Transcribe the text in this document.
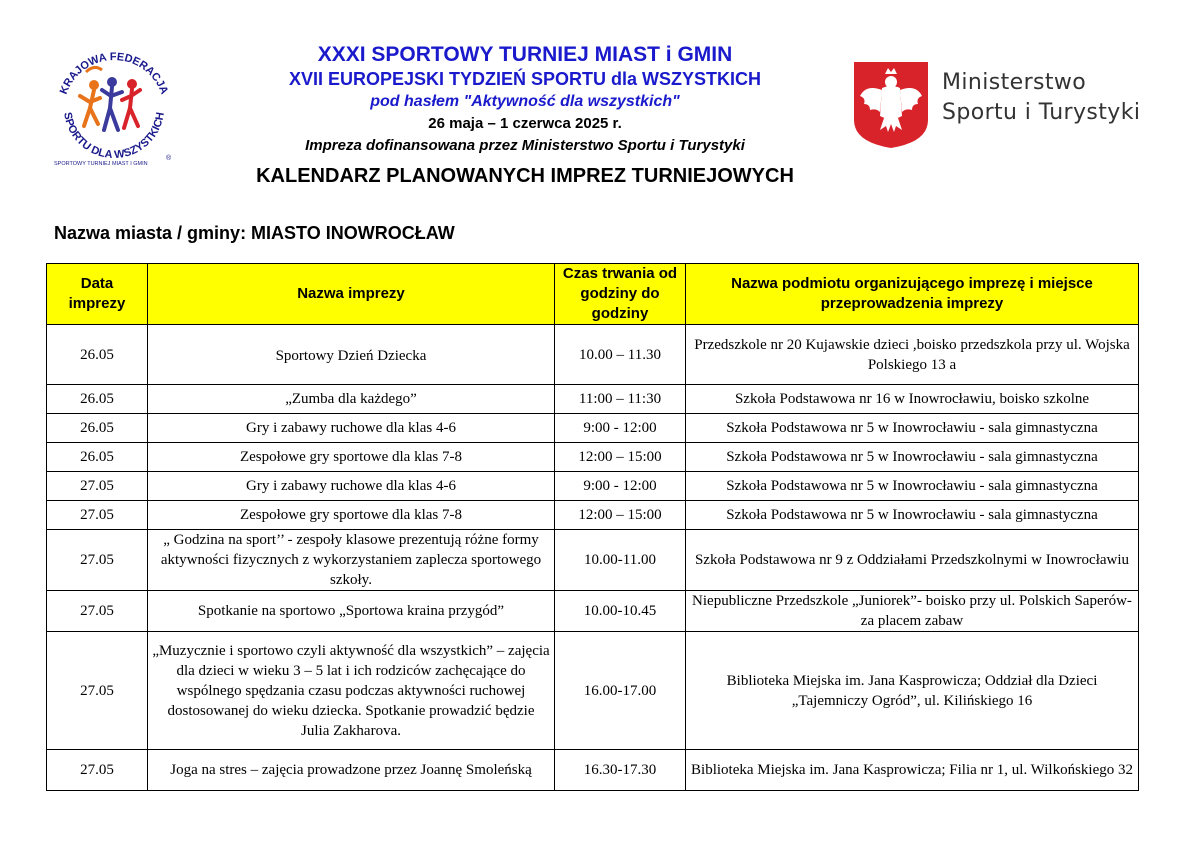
KRAJOWA FEDERACJA
SPORTU DLA WSZYSTKICH
SPORTOWY TURNIEJ MIAST I GMIN
®
XXXI SPORTOWY TURNIEJ MIAST i GMIN
XVII EUROPEJSKI TYDZIEŃ SPORTU dla WSZYSTKICH
pod hasłem "Aktywność dla wszystkich"
26 maja – 1 czerwca 2025 r.
Impreza dofinansowana przez Ministerstwo Sportu i Turystyki
KALENDARZ PLANOWANYCH IMPREZ TURNIEJOWYCH
Ministerstwo
Sportu i Turystyki
Nazwa miasta / gminy: MIASTO INOWROCŁAW
Data imprezy	Nazwa imprezy	Czas trwania od godziny do godziny	Nazwa podmiotu organizującego imprezę i miejsce przeprowadzenia imprezy
26.05	Sportowy Dzień Dziecka	10.00 – 11.30	Przedszkole nr 20 Kujawskie dzieci ,boisko przedszkola przy ul. Wojska Polskiego 13 a
26.05	„Zumba dla każdego”	11:00 – 11:30	Szkoła Podstawowa nr 16 w Inowrocławiu, boisko szkolne
26.05	Gry i zabawy ruchowe dla klas 4-6	9:00 - 12:00	Szkoła Podstawowa nr 5 w Inowrocławiu - sala gimnastyczna
26.05	Zespołowe gry sportowe dla klas 7-8	12:00 – 15:00	Szkoła Podstawowa nr 5 w Inowrocławiu - sala gimnastyczna
27.05	Gry i zabawy ruchowe dla klas 4-6	9:00 - 12:00	Szkoła Podstawowa nr 5 w Inowrocławiu - sala gimnastyczna
27.05	Zespołowe gry sportowe dla klas 7-8	12:00 – 15:00	Szkoła Podstawowa nr 5 w Inowrocławiu - sala gimnastyczna
27.05	„ Godzina na sport’’ - zespoły klasowe prezentują różne formy aktywności fizycznych z wykorzystaniem zaplecza sportowego szkoły.	10.00-11.00	Szkoła Podstawowa nr 9 z Oddziałami Przedszkolnymi w Inowrocławiu
27.05	Spotkanie na sportowo „Sportowa kraina przygód”	10.00-10.45	Niepubliczne Przedszkole „Juniorek”- boisko przy ul. Polskich Saperów- za placem zabaw
27.05	„Muzycznie i sportowo czyli aktywność dla wszystkich” – zajęcia dla dzieci w wieku 3 – 5 lat i ich rodziców zachęcające do wspólnego spędzania czasu podczas aktywności ruchowej dostosowanej do wieku dziecka. Spotkanie prowadzić będzie Julia Zakharova.	16.00-17.00	Biblioteka Miejska im. Jana Kasprowicza; Oddział dla Dzieci „Tajemniczy Ogród”, ul. Kilińskiego 16
27.05	Joga na stres – zajęcia prowadzone przez Joannę Smoleńską	16.30-17.30	Biblioteka Miejska im. Jana Kasprowicza; Filia nr 1, ul. Wilkońskiego 32
